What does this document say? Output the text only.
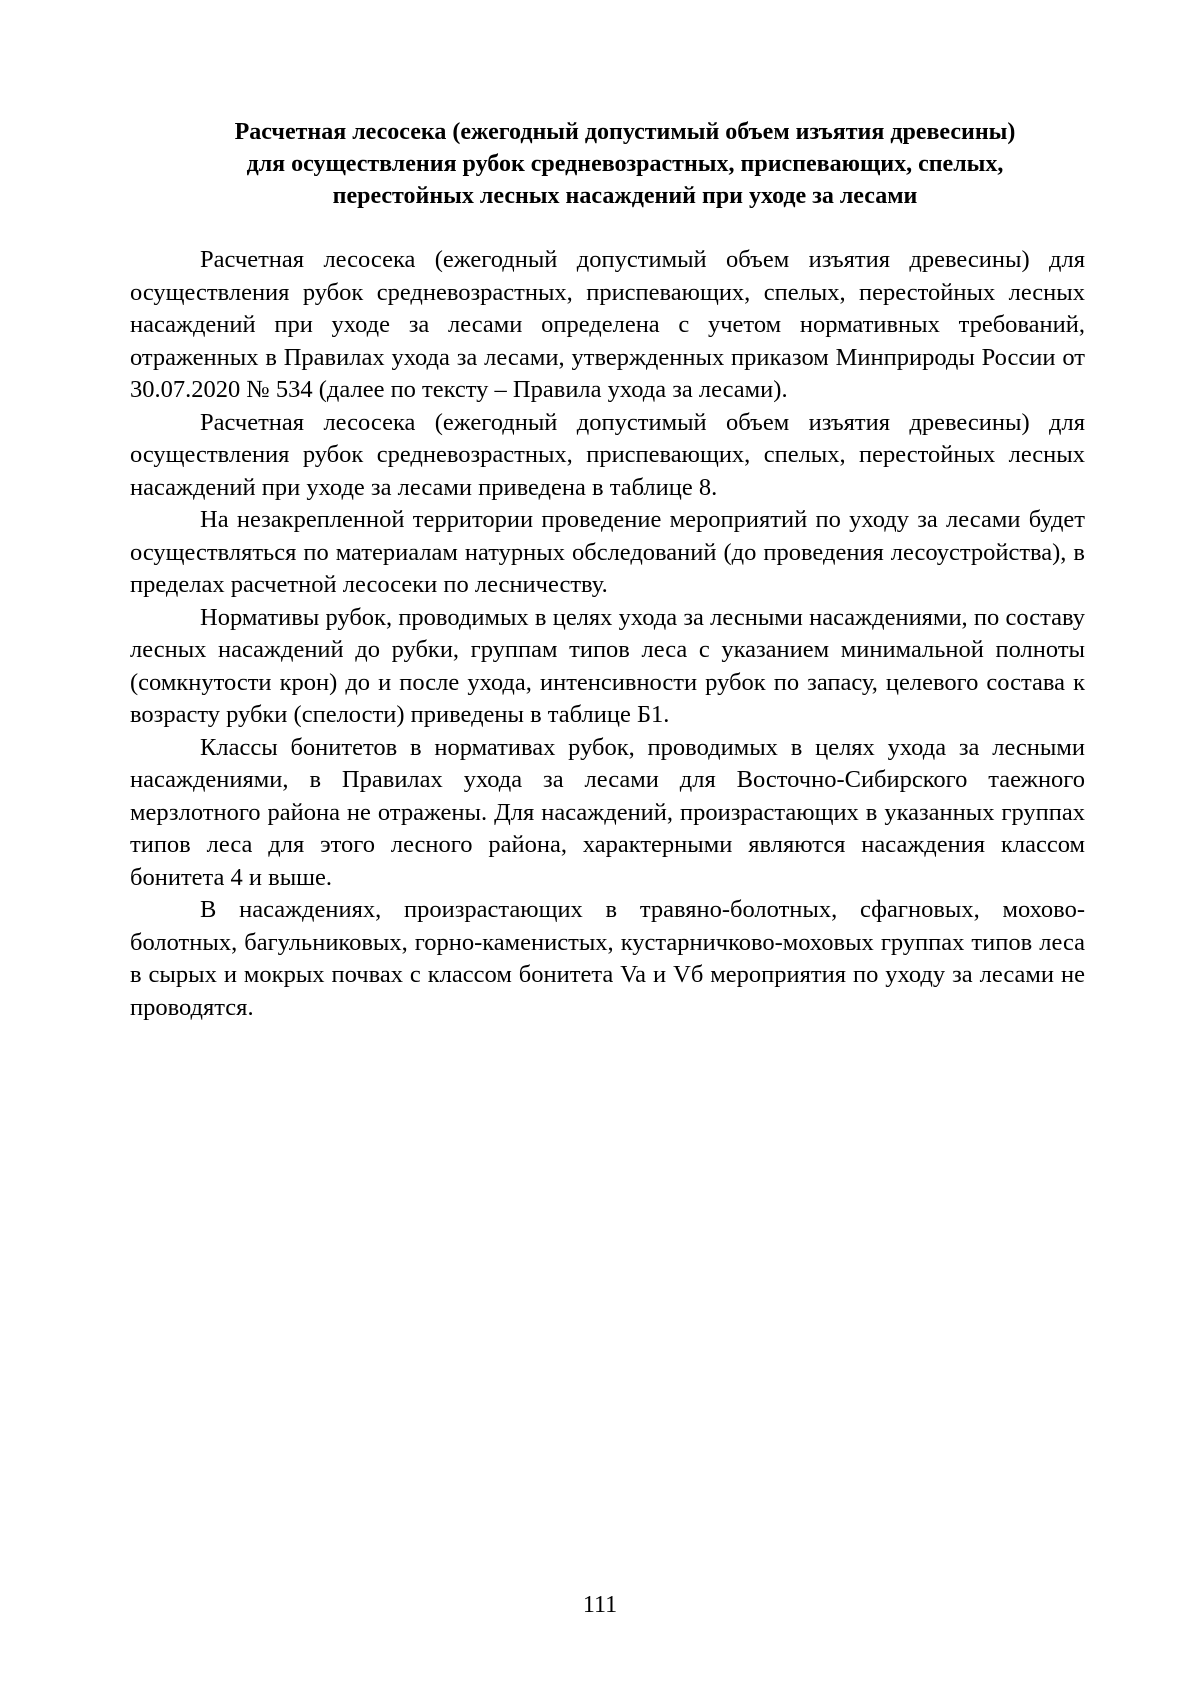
Расчетная лесосека (ежегодный допустимый объем изъятия древесины)
для осуществления рубок средневозрастных, приспевающих, спелых,
перестойных лесных насаждений при уходе за лесами

Расчетная лесосека (ежегодный допустимый объем изъятия древесины) для осуществления рубок средневозрастных, приспевающих, спелых, перестойных лесных насаждений при уходе за лесами определена с учетом нормативных требований, отраженных в Правилах ухода за лесами, утвержденных приказом Минприроды России от 30.07.2020 № 534 (далее по тексту – Правила ухода за лесами).

Расчетная лесосека (ежегодный допустимый объем изъятия древесины) для осуществления рубок средневозрастных, приспевающих, спелых, перестойных лесных насаждений при уходе за лесами приведена в таблице 8.

На незакрепленной территории проведение мероприятий по уходу за лесами будет осуществляться по материалам натурных обследований (до проведения лесоустройства), в пределах расчетной лесосеки по лесничеству.

Нормативы рубок, проводимых в целях ухода за лесными насаждениями, по составу лесных насаждений до рубки, группам типов леса с указанием минимальной полноты (сомкнутости крон) до и после ухода, интенсивности рубок по запасу, целевого состава к возрасту рубки (спелости) приведены в таблице Б1.

Классы бонитетов в нормативах рубок, проводимых в целях ухода за лесными насаждениями, в Правилах ухода за лесами для Восточно-Сибирского таежного мерзлотного района не отражены. Для насаждений, произрастающих в указанных группах типов леса для этого лесного района, характерными являются насаждения классом бонитета 4 и выше.

В насаждениях, произрастающих в травяно-болотных, сфагновых, мохово-болотных, багульниковых, горно-каменистых, кустарничково-моховых группах типов леса в сырых и мокрых почвах с классом бонитета Va и Vб мероприятия по уходу за лесами не проводятся.

111
